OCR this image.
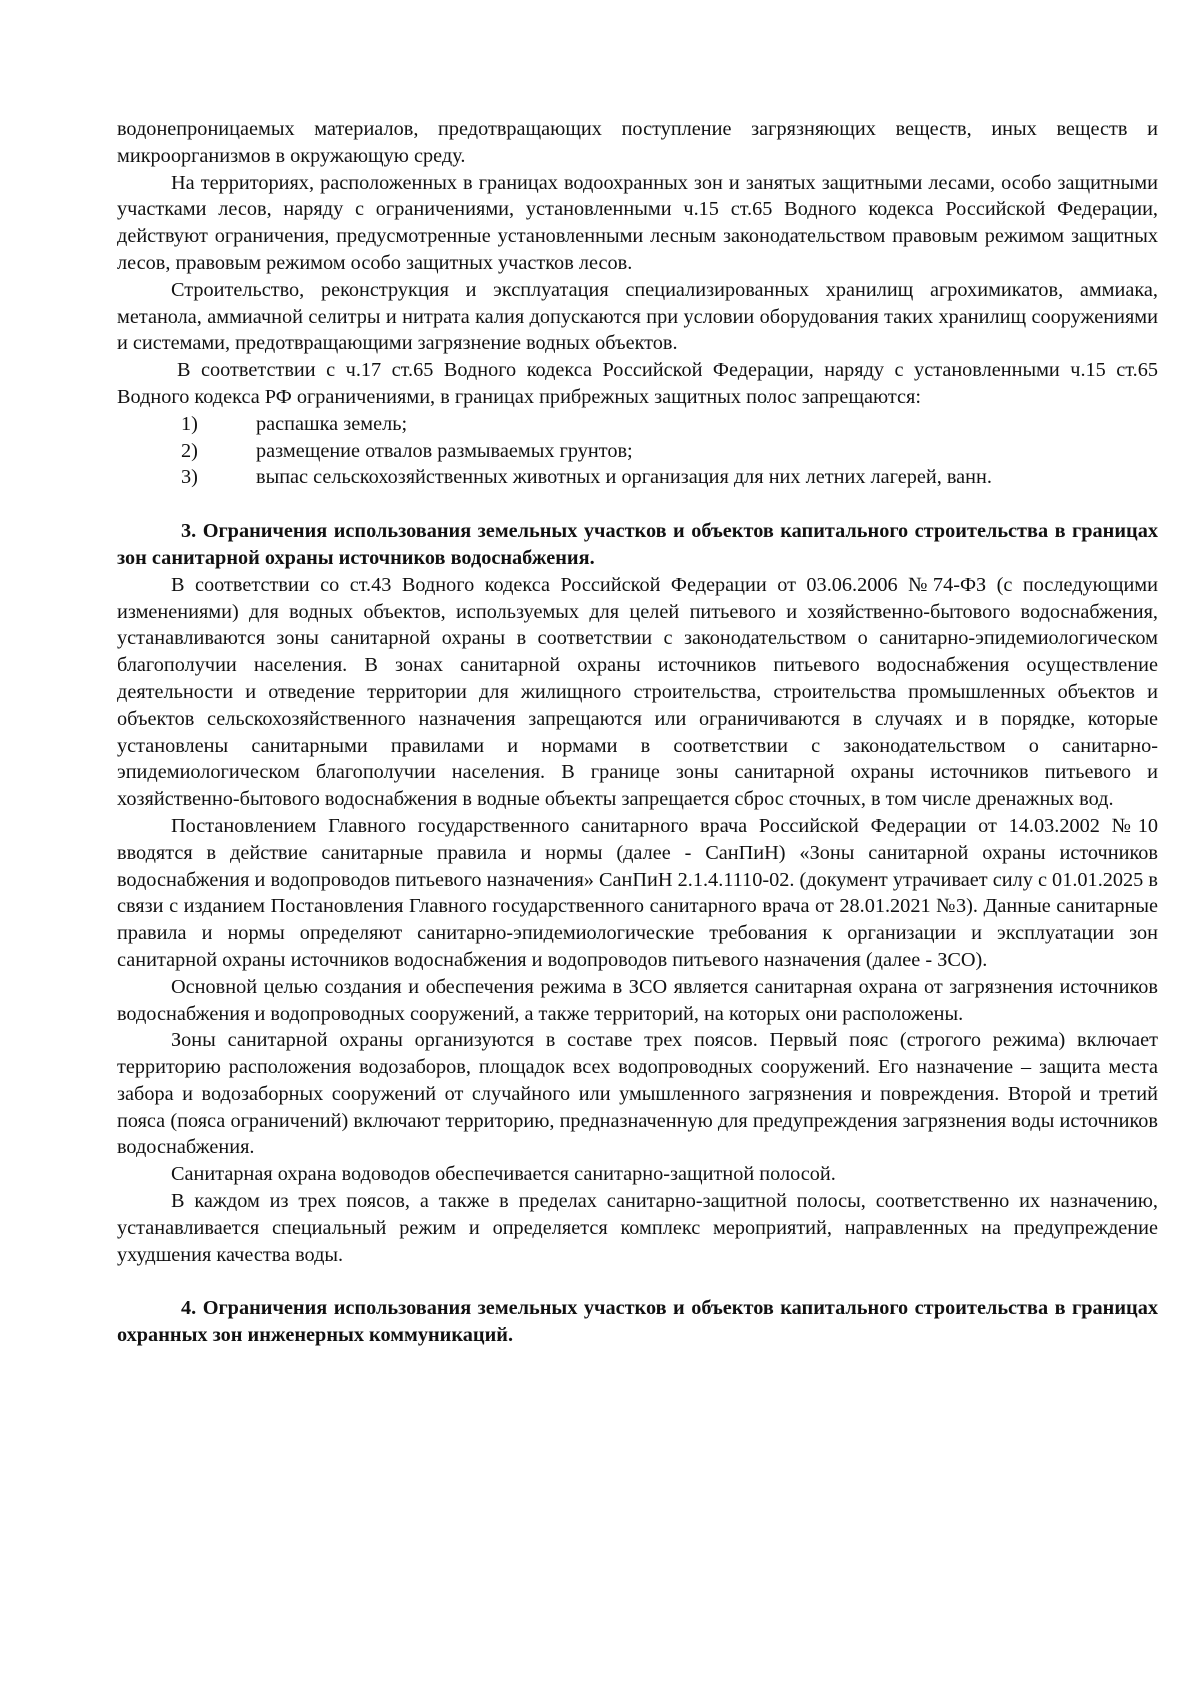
водонепроницаемых материалов, предотвращающих поступление загрязняющих веществ, иных веществ и микроорганизмов в окружающую среду.

На территориях, расположенных в границах водоохранных зон и занятых защитными лесами, особо защитными участками лесов, наряду с ограничениями, установленными ч.15 ст.65 Водного кодекса Российской Федерации, действуют ограничения, предусмотренные установленными лесным законодательством правовым режимом защитных лесов, правовым режимом особо защитных участков лесов.

Строительство, реконструкция и эксплуатация специализированных хранилищ агрохимикатов, аммиака, метанола, аммиачной селитры и нитрата калия допускаются при условии оборудования таких хранилищ сооружениями и системами, предотвращающими загрязнение водных объектов.

В соответствии с ч.17 ст.65 Водного кодекса Российской Федерации, наряду с установленными ч.15 ст.65 Водного кодекса РФ ограничениями, в границах прибрежных защитных полос запрещаются:

1)	распашка земель;
2)	размещение отвалов размываемых грунтов;
3)	выпас сельскохозяйственных животных и организация для них летних лагерей, ванн.

3. Ограничения использования земельных участков и объектов капитального строительства в границах зон санитарной охраны источников водоснабжения.

В соответствии со ст.43 Водного кодекса Российской Федерации от 03.06.2006 №74-ФЗ (с последующими изменениями) для водных объектов, используемых для целей питьевого и хозяйственно-бытового водоснабжения, устанавливаются зоны санитарной охраны в соответствии с законодательством о санитарно-эпидемиологическом благополучии населения. В зонах санитарной охраны источников питьевого водоснабжения осуществление деятельности и отведение территории для жилищного строительства, строительства промышленных объектов и объектов сельскохозяйственного назначения запрещаются или ограничиваются в случаях и в порядке, которые установлены санитарными правилами и нормами в соответствии с законодательством о санитарно-эпидемиологическом благополучии населения. В границе зоны санитарной охраны источников питьевого и хозяйственно-бытового водоснабжения в водные объекты запрещается сброс сточных, в том числе дренажных вод.

Постановлением Главного государственного санитарного врача Российской Федерации от 14.03.2002 №10 вводятся в действие санитарные правила и нормы (далее - СанПиН) «Зоны санитарной охраны источников водоснабжения и водопроводов питьевого назначения» СанПиН 2.1.4.1110-02. (документ утрачивает силу с 01.01.2025 в связи с изданием Постановления Главного государственного санитарного врача от 28.01.2021 №3). Данные санитарные правила и нормы определяют санитарно-эпидемиологические требования к организации и эксплуатации зон санитарной охраны источников водоснабжения и водопроводов питьевого назначения (далее - ЗСО).

Основной целью создания и обеспечения режима в ЗСО является санитарная охрана от загрязнения источников водоснабжения и водопроводных сооружений, а также территорий, на которых они расположены.

Зоны санитарной охраны организуются в составе трех поясов. Первый пояс (строгого режима) включает территорию расположения водозаборов, площадок всех водопроводных сооружений. Его назначение – защита места забора и водозаборных сооружений от случайного или умышленного загрязнения и повреждения. Второй и третий пояса (пояса ограничений) включают территорию, предназначенную для предупреждения загрязнения воды источников водоснабжения.

Санитарная охрана водоводов обеспечивается санитарно-защитной полосой.

В каждом из трех поясов, а также в пределах санитарно-защитной полосы, соответственно их назначению, устанавливается специальный режим и определяется комплекс мероприятий, направленных на предупреждение ухудшения качества воды.

4. Ограничения использования земельных участков и объектов капитального строительства в границах охранных зон инженерных коммуникаций.
